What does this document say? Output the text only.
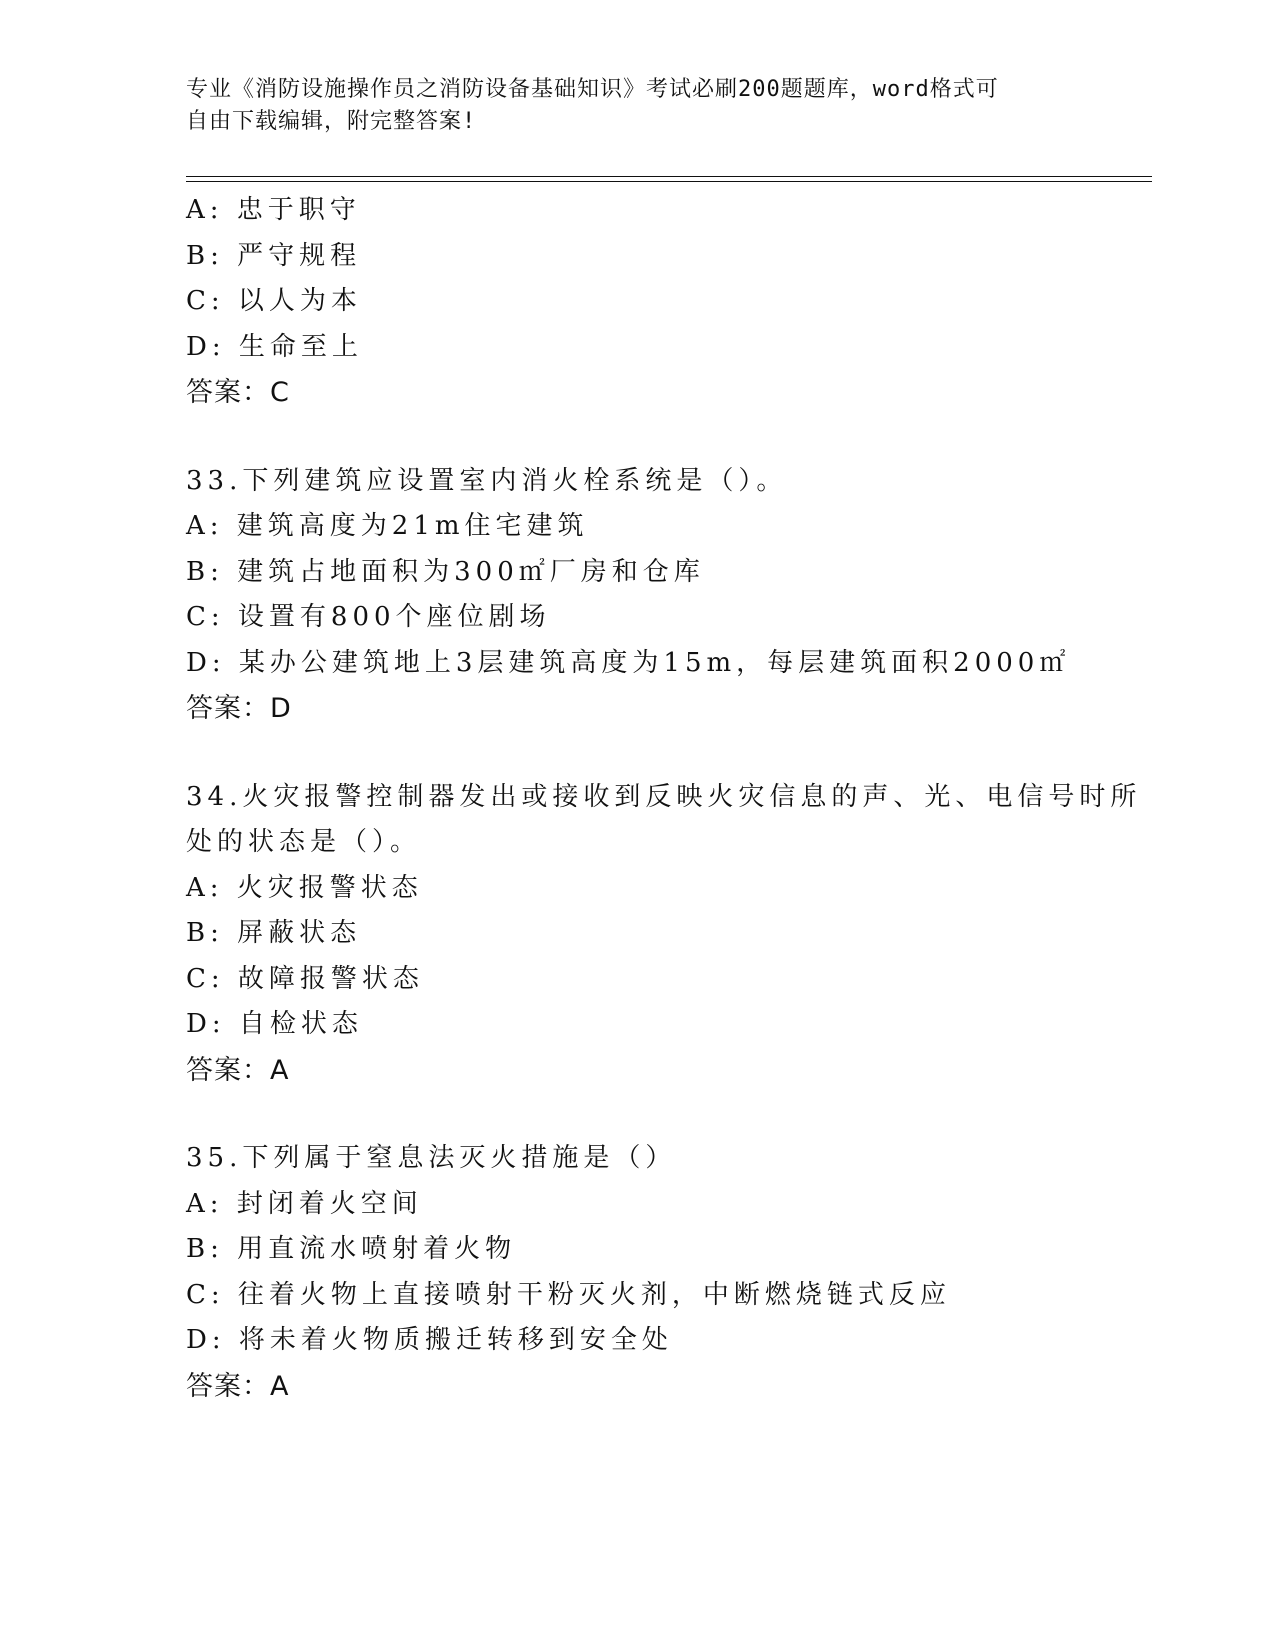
专业《消防设施操作员之消防设备基础知识》考试必刷200题题库，word格式可
自由下载编辑，附完整答案!
A: 忠于职守
B: 严守规程
C: 以人为本
D: 生命至上
答案：C
33.下列建筑应设置室内消火栓系统是（）。
A: 建筑高度为21m住宅建筑
B: 建筑占地面积为300㎡厂房和仓库
C: 设置有800个座位剧场
D: 某办公建筑地上3层建筑高度为15m，每层建筑面积2000㎡
答案：D
34.火灾报警控制器发出或接收到反映火灾信息的声、光、电信号时所
处的状态是（）。
A: 火灾报警状态
B: 屏蔽状态
C: 故障报警状态
D: 自检状态
答案：A
35.下列属于窒息法灭火措施是（）
A: 封闭着火空间
B: 用直流水喷射着火物
C: 往着火物上直接喷射干粉灭火剂，中断燃烧链式反应
D: 将未着火物质搬迁转移到安全处
答案：A
